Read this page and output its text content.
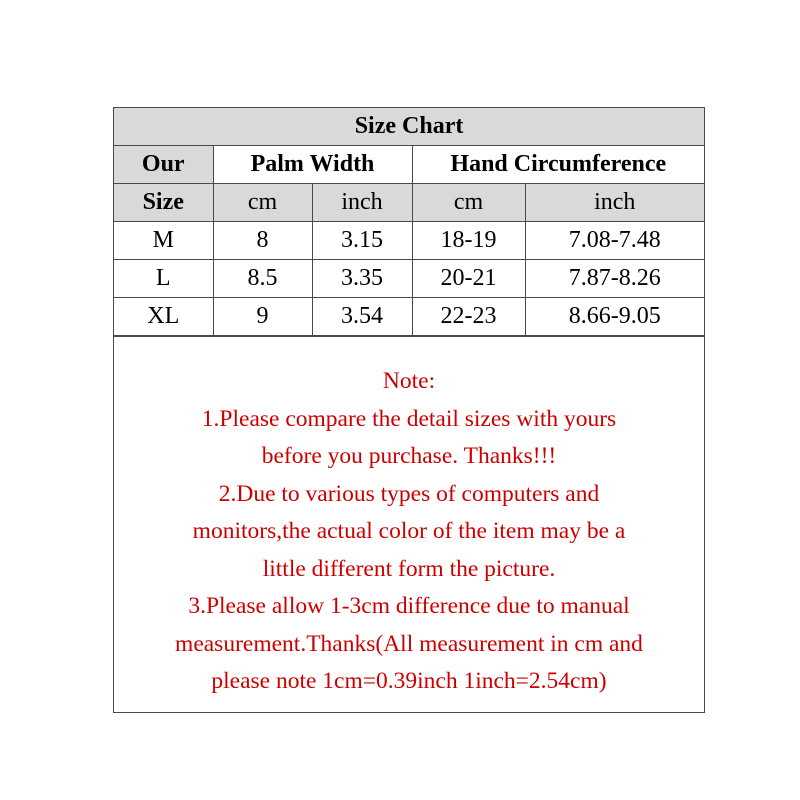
Size Chart				
Our	Palm Width		Hand Circumference	
Size	cm	inch	cm	inch
M	8	3.15	18-19	7.08-7.48
L	8.5	3.35	20-21	7.87-8.26
XL	9	3.54	22-23	8.66-9.05
Note:
1.Please compare the detail sizes with yours
before you purchase. Thanks!!!
2.Due to various types of computers and
monitors,the actual color of the item may be a
little different form the picture.
3.Please allow 1-3cm difference due to manual
measurement.Thanks(All measurement in cm and
please note 1cm=0.39inch 1inch=2.54cm)
